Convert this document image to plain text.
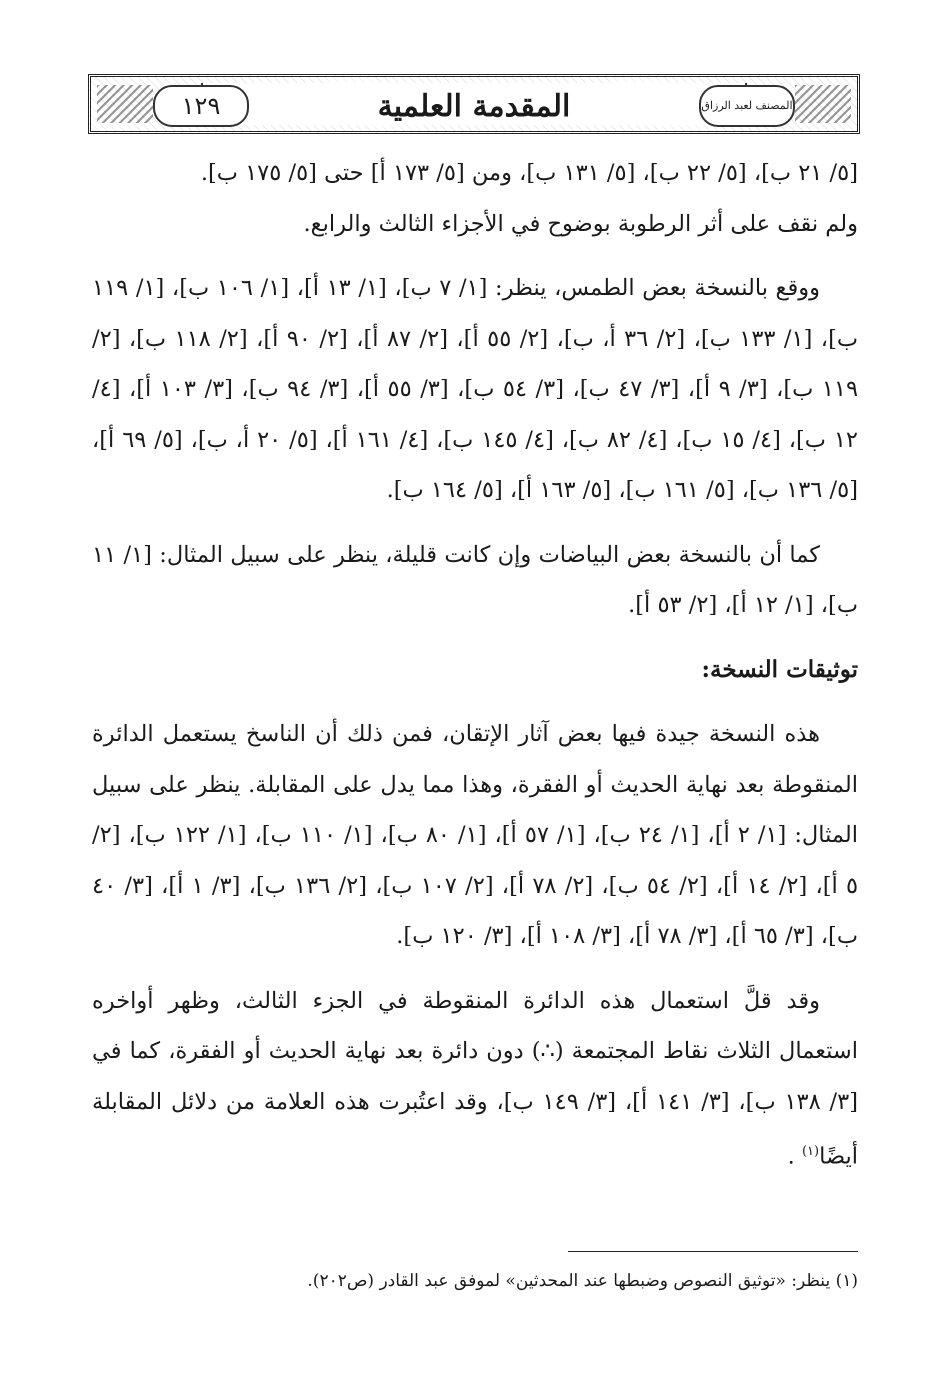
المقدمة العلمية
١٢٩	المصنف لعبد الرزاق

[٥/ ٢١ ب]، [٥/ ٢٢ ب]، [٥/ ١٣١ ب]، ومن [٥/ ١٧٣ أ] حتى [٥/ ١٧٥ ب].

ولم نقف على أثر الرطوبة بوضوح في الأجزاء الثالث والرابع.

ووقع بالنسخة بعض الطمس، ينظر: [١/ ٧ ب]، [١/ ١٣ أ]، [١/ ١٠٦ ب]، [١/ ١١٩ ب]، [١/ ١٣٣ ب]، [٢/ ٣٦ أ، ب]، [٢/ ٥٥ أ]، [٢/ ٨٧ أ]، [٢/ ٩٠ أ]، [٢/ ١١٨ ب]، [٢/ ١١٩ ب]، [٣/ ٩ أ]، [٣/ ٤٧ ب]، [٣/ ٥٤ ب]، [٣/ ٥٥ أ]، [٣/ ٩٤ ب]، [٣/ ١٠٣ أ]، [٤/ ١٢ ب]، [٤/ ١٥ ب]، [٤/ ٨٢ ب]، [٤/ ١٤٥ ب]، [٤/ ١٦١ أ]، [٥/ ٢٠ أ، ب]، [٥/ ٦٩ أ]، [٥/ ١٣٦ ب]، [٥/ ١٦١ ب]، [٥/ ١٦٣ أ]، [٥/ ١٦٤ ب].

كما أن بالنسخة بعض البياضات وإن كانت قليلة، ينظر على سبيل المثال: [١/ ١١ ب]، [١/ ١٢ أ]، [٢/ ٥٣ أ].

توثيقات النسخة:

هذه النسخة جيدة فيها بعض آثار الإتقان، فمن ذلك أن الناسخ يستعمل الدائرة المنقوطة بعد نهاية الحديث أو الفقرة، وهذا مما يدل على المقابلة. ينظر على سبيل المثال: [١/ ٢ أ]، [١/ ٢٤ ب]، [١/ ٥٧ أ]، [١/ ٨٠ ب]، [١/ ١١٠ ب]، [١/ ١٢٢ ب]، [٢/ ٥ أ]، [٢/ ١٤ أ]، [٢/ ٥٤ ب]، [٢/ ٧٨ أ]، [٢/ ١٠٧ ب]، [٢/ ١٣٦ ب]، [٣/ ١ أ]، [٣/ ٤٠ ب]، [٣/ ٦٥ أ]، [٣/ ٧٨ أ]، [٣/ ١٠٨ أ]، [٣/ ١٢٠ ب].

وقد قلَّ استعمال هذه الدائرة المنقوطة في الجزء الثالث، وظهر أواخره استعمال الثلاث نقاط المجتمعة (∴) دون دائرة بعد نهاية الحديث أو الفقرة، كما في [٣/ ١٣٨ ب]، [٣/ ١٤١ أ]، [٣/ ١٤٩ ب]، وقد اعتُبرت هذه العلامة من دلائل المقابلة أيضًا$^{(١)}$ .

(١) ينظر: «توثيق النصوص وضبطها عند المحدثين» لموفق عبد القادر (ص٢٠٢).
